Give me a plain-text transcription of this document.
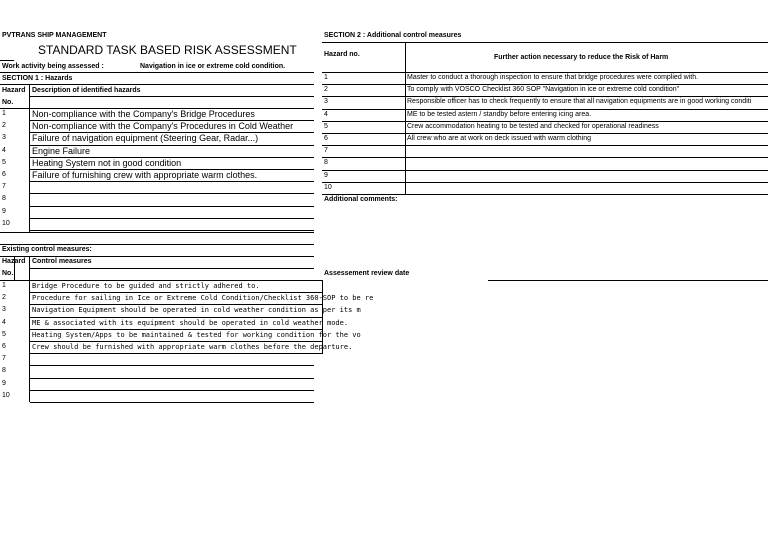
PVTRANS SHIP MANAGEMENT
STANDARD TASK BASED RISK ASSESSMENT
Work activity being assessed :	Navigation in ice or extreme cold condition.
SECTION 1 : Hazards
Hazard
No.
Description of identified hazards
1	Non-compliance with the Company's Bridge Procedures
2	Non-compliance with the Company's Procedures in Cold Weather
3	Failure of navigation equipment (Steering Gear, Radar...)
4	Engine Failure
5	Heating System not in good condition
6	Failure of furnishing crew with appropriate warm clothes.
7
8
9
10
Existing control measures:
Hazard
No.
Control measures
1	Bridge Procedure to be guided and strictly adhered to.
2	Procedure for sailing in Ice or Extreme Cold Condition/Checklist 360-SOP to be re
3	Navigation Equipment should be operated in cold weather condition as per its m
4	ME & associated with its equipment should be operated in cold weather mode.
5	Heating System/Apps to be maintained & tested for working condition for the vo
6	Crew should be furnished with appropriate warm clothes before the departure.
7
8
9
10
SECTION 2 : Additional control measures
Hazard no.	Further action necessary to reduce the Risk of Harm
1	Master to conduct a thorough inspection to ensure that bridge procedures were complied with.
2	To comply with VOSCO Checklist 360 SOP "Navigation in ice or extreme cold condition"
3	Responsible officer has to check frequently to ensure that all navigation equipments are in good working conditi
4	ME to be tested astern / standby before entering icing area.
5	Crew accommodation heating to be tested and checked for operational readiness
6	All crew who are at work on deck issued with warm clothing
7
8
9
10
Additional comments:
Assessement review date
